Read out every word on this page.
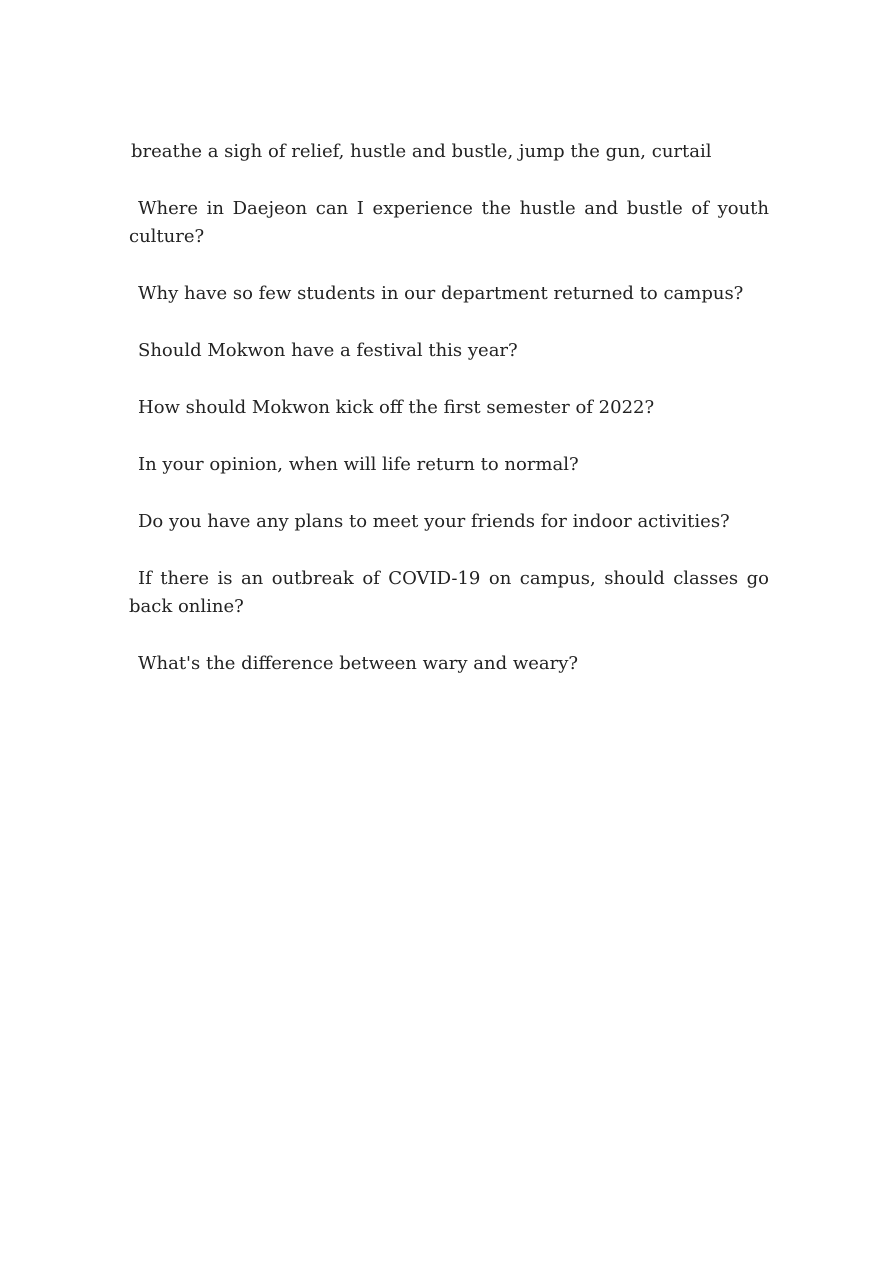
breathe a sigh of relief, hustle and bustle, jump the gun, curtail

Where in Daejeon can I experience the hustle and bustle of youth culture?

Why have so few students in our department returned to campus?

Should Mokwon have a festival this year?

How should Mokwon kick off the first semester of 2022?

In your opinion, when will life return to normal?

Do you have any plans to meet your friends for indoor activities?

If there is an outbreak of COVID-19 on campus, should classes go back online?

What's the difference between wary and weary?
